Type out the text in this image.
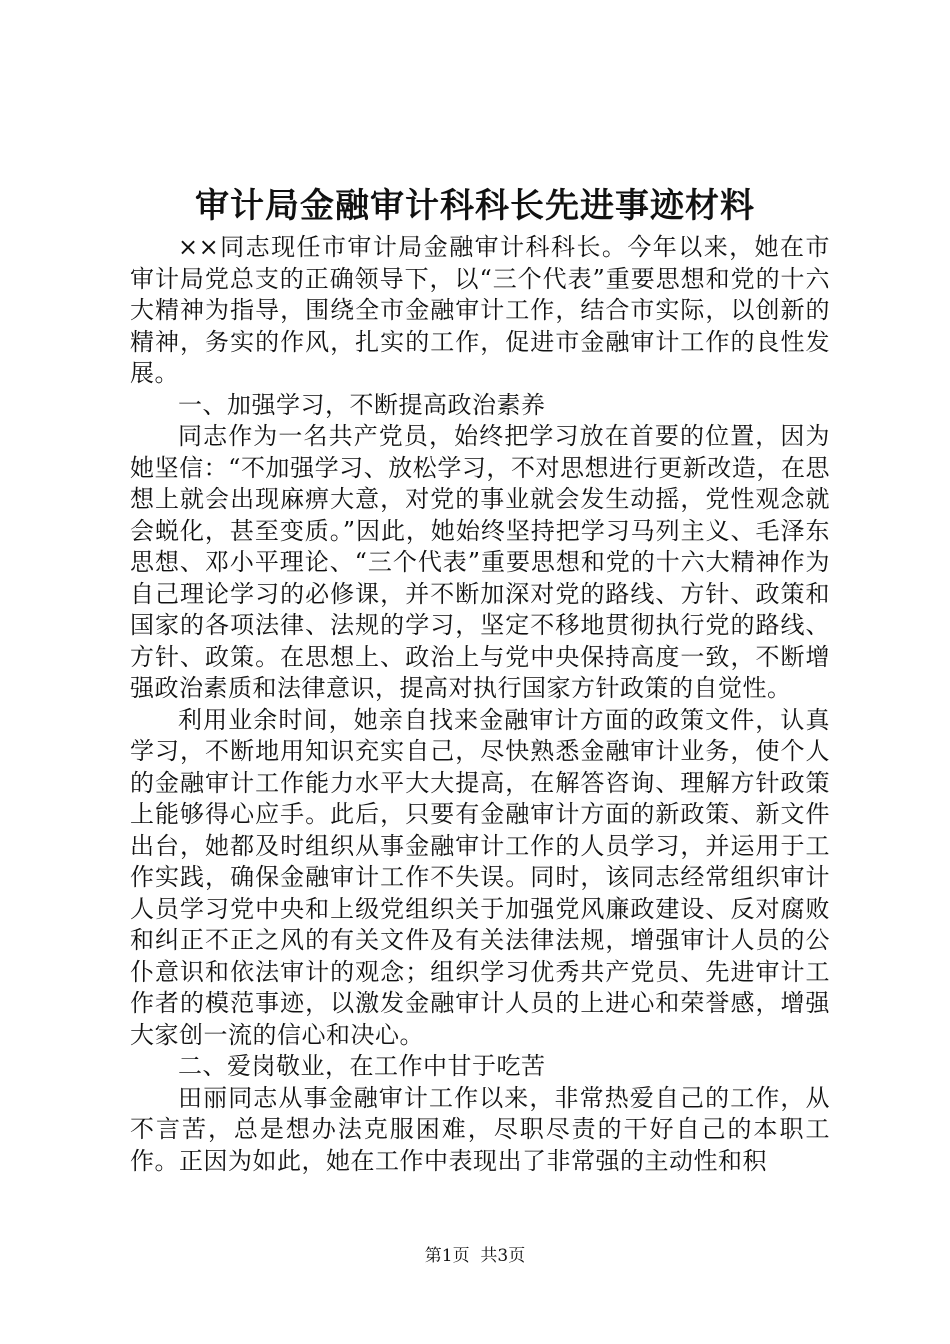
审计局金融审计科科长先进事迹材料

××同志现任市审计局金融审计科科长。今年以来，她在市审计局党总支的正确领导下，以“三个代表”重要思想和党的十六大精神为指导，围绕全市金融审计工作，结合市实际，以创新的精神，务实的作风，扎实的工作，促进市金融审计工作的良性发展。

一、加强学习，不断提高政治素养

同志作为一名共产党员，始终把学习放在首要的位置，因为她坚信：“不加强学习、放松学习，不对思想进行更新改造，在思想上就会出现麻痹大意，对党的事业就会发生动摇，党性观念就会蜕化，甚至变质。”因此，她始终坚持把学习马列主义、毛泽东思想、邓小平理论、“三个代表”重要思想和党的十六大精神作为自己理论学习的必修课，并不断加深对党的路线、方针、政策和国家的各项法律、法规的学习，坚定不移地贯彻执行党的路线、方针、政策。在思想上、政治上与党中央保持高度一致，不断增强政治素质和法律意识，提高对执行国家方针政策的自觉性。

利用业余时间，她亲自找来金融审计方面的政策文件，认真学习，不断地用知识充实自己，尽快熟悉金融审计业务，使个人的金融审计工作能力水平大大提高，在解答咨询、理解方针政策上能够得心应手。此后，只要有金融审计方面的新政策、新文件出台，她都及时组织从事金融审计工作的人员学习，并运用于工作实践，确保金融审计工作不失误。同时，该同志经常组织审计人员学习党中央和上级党组织关于加强党风廉政建设、反对腐败和纠正不正之风的有关文件及有关法律法规，增强审计人员的公仆意识和依法审计的观念；组织学习优秀共产党员、先进审计工作者的模范事迹，以激发金融审计人员的上进心和荣誉感，增强大家创一流的信心和决心。

二、爱岗敬业，在工作中甘于吃苦

田丽同志从事金融审计工作以来，非常热爱自己的工作，从不言苦，总是想办法克服困难，尽职尽责的干好自己的本职工作。正因为如此，她在工作中表现出了非常强的主动性和积

第1页 共3页
